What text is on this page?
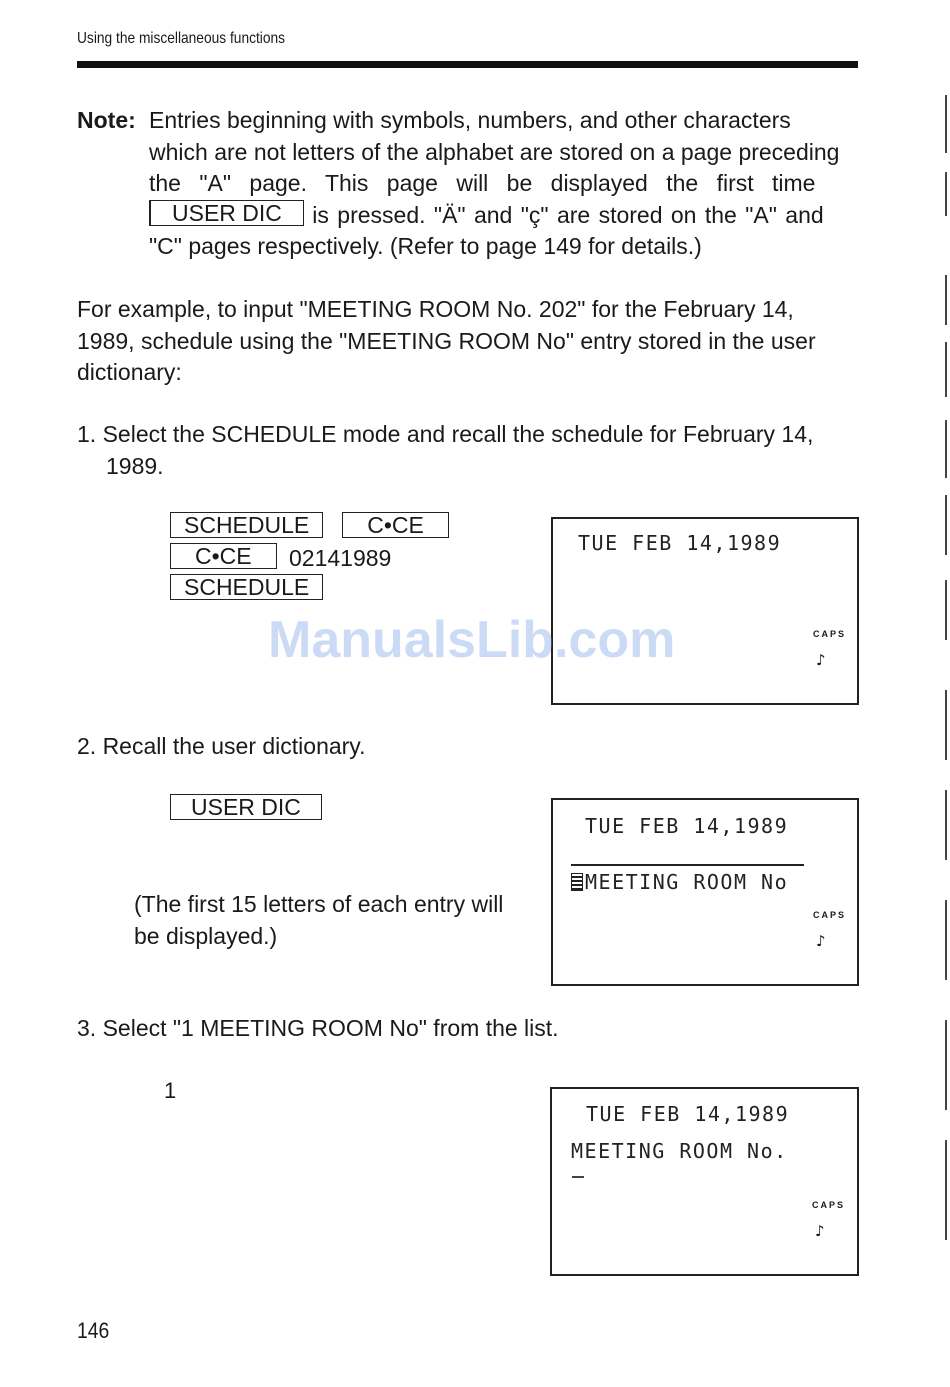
Using the miscellaneous functions
Note: Entries beginning with symbols, numbers, and other characters
which are not letters of the alphabet are stored on a page preceding
the "A" page. This page will be displayed the first time
USER DIC is pressed. "Ä" and "ç" are stored on the "A" and
"C" pages respectively. (Refer to page 149 for details.)
For example, to input "MEETING ROOM No. 202" for the February 14,
1989, schedule using the "MEETING ROOM No" entry stored in the user
dictionary:
1. Select the SCHEDULE mode and recall the schedule for February 14,
1989.
SCHEDULE	C•CE
C•CE 02141989
SCHEDULE
TUE FEB 14,1989
CAPS
♪
ManualsLib.com
2. Recall the user dictionary.
USER DIC
(The first 15 letters of each entry will
be displayed.)
TUE FEB 14,1989
MEETING ROOM No
CAPS
♪
3. Select "1 MEETING ROOM No" from the list.
1
TUE FEB 14,1989
MEETING ROOM No.
CAPS
♪
146
